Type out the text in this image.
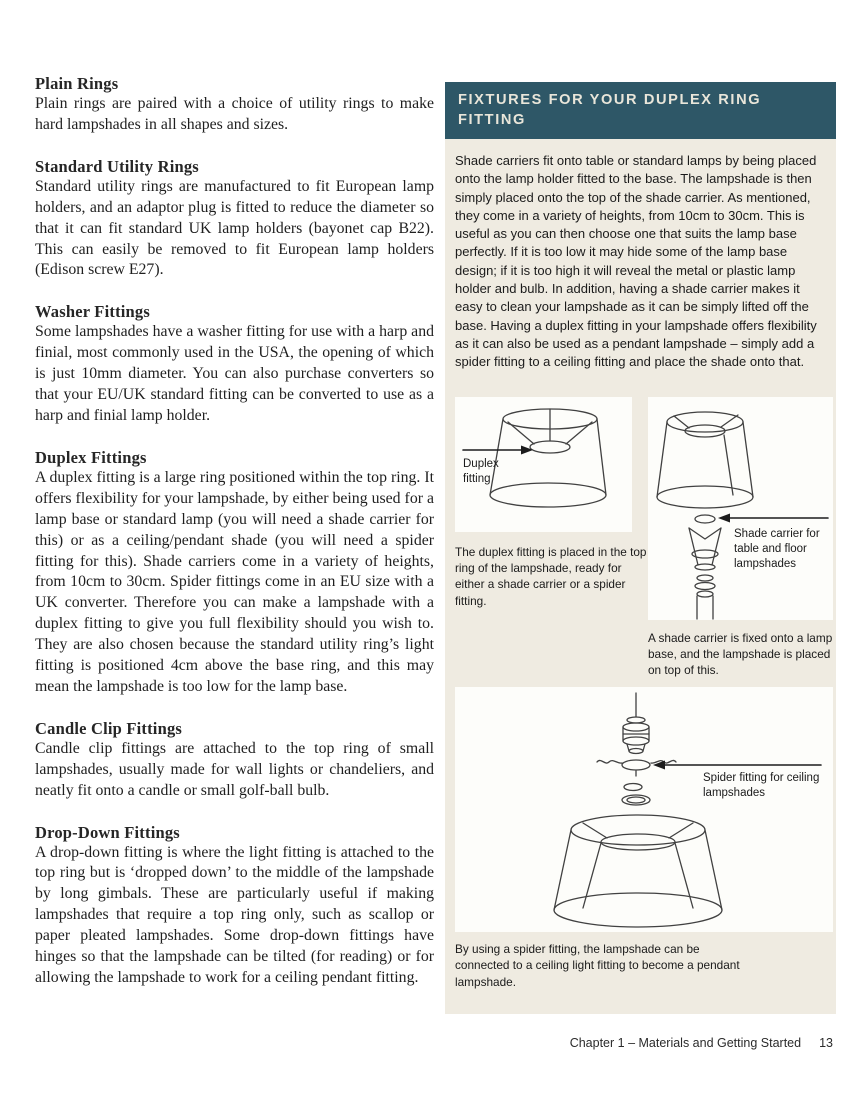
Plain Rings

Plain rings are paired with a choice of utility rings to make hard lampshades in all shapes and sizes.

Standard Utility Rings

Standard utility rings are manufactured to fit European lamp holders, and an adaptor plug is fitted to reduce the diameter so that it can fit standard UK lamp holders (bayonet cap B22). This can easily be removed to fit European lamp holders (Edison screw E27).

Washer Fittings

Some lampshades have a washer fitting for use with a harp and finial, most commonly used in the USA, the opening of which is just 10mm diameter. You can also purchase converters so that your EU/UK standard fitting can be converted to use as a harp and finial lamp holder.

Duplex Fittings

A duplex fitting is a large ring positioned within the top ring. It offers flexibility for your lampshade, by either being used for a lamp base or standard lamp (you will need a shade carrier for this) or as a ceiling/pendant shade (you will need a spider fitting for this). Shade carriers come in a variety of heights, from 10cm to 30cm. Spider fittings come in an EU size with a UK converter. Therefore you can make a lampshade with a duplex fitting to give you full flexibility should you wish to. They are also chosen because the standard utility ring’s light fitting is positioned 4cm above the base ring, and this may mean the lampshade is too low for the lamp base.

Candle Clip Fittings

Candle clip fittings are attached to the top ring of small lampshades, usually made for wall lights or chandeliers, and neatly fit onto a candle or small golf-ball bulb.

Drop-Down Fittings

A drop-down fitting is where the light fitting is attached to the top ring but is ‘dropped down’ to the middle of the lampshade by long gimbals. These are particularly useful if making lampshades that require a top ring only, such as scallop or paper pleated lampshades. Some drop-down fittings have hinges so that the lampshade can be tilted (for reading) or for allowing the lampshade to work for a ceiling pendant fitting.

FIXTURES FOR YOUR DUPLEX RING FITTING
Shade carriers fit onto table or standard lamps by being placed onto the lamp holder fitted to the base. The lampshade is then simply placed onto the top of the shade carrier. As mentioned, they come in a variety of heights, from 10cm to 30cm. This is useful as you can then choose one that suits the lamp base perfectly. If it is too low it may hide some of the lamp base design; if it is too high it will reveal the metal or plastic lamp holder and bulb. In addition, having a shade carrier makes it easy to clean your lampshade as it can be simply lifted off the base. Having a duplex fitting in your lampshade offers flexibility as it can also be used as a pendant lampshade – simply add a spider fitting to a ceiling fitting and place the shade onto that.
Duplex fitting
The duplex fitting is placed in the top ring of the lampshade, ready for either a shade carrier or a spider fitting.
Shade carrier for table and floor lampshades
A shade carrier is fixed onto a lamp base, and the lampshade is placed on top of this.
Spider fitting for ceiling lampshades
By using a spider fitting, the lampshade can be connected to a ceiling light fitting to become a pendant lampshade.
Chapter 1 – Materials and Getting Started 13
